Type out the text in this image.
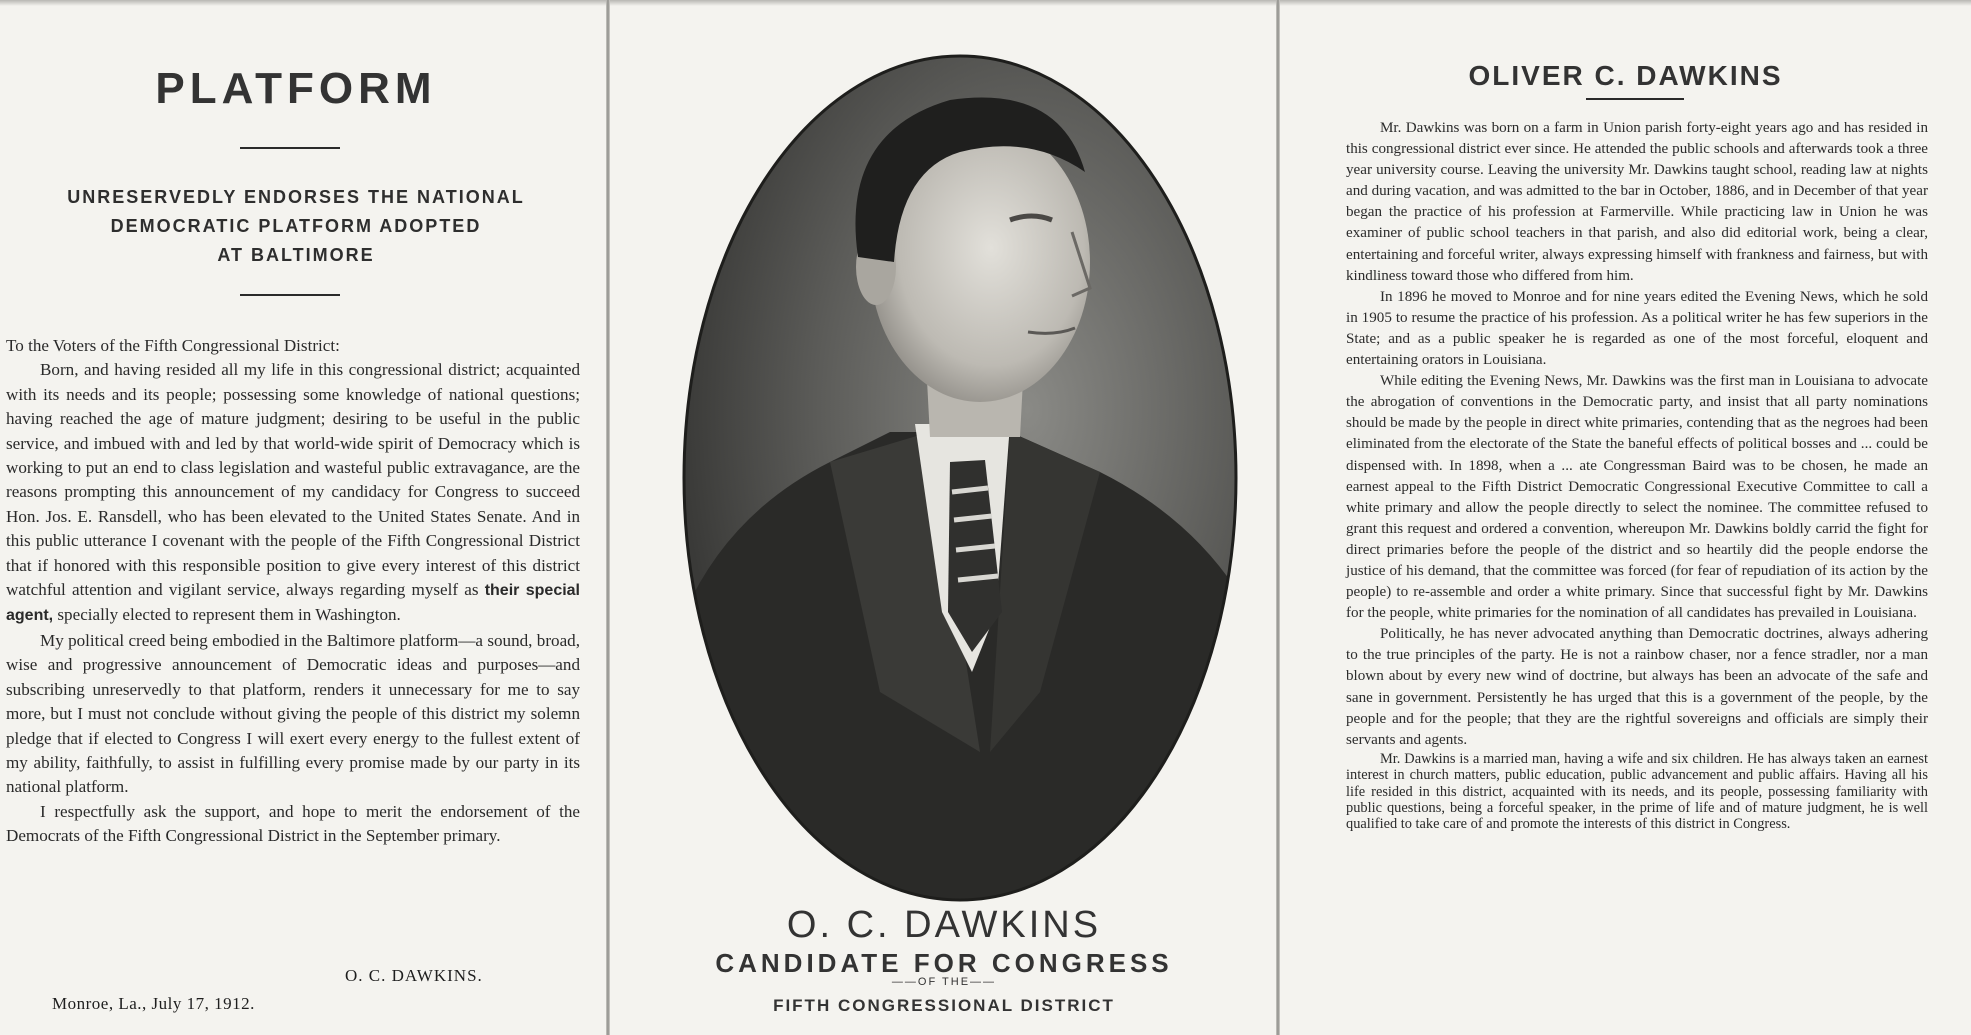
PLATFORM
UNRESERVEDLY ENDORSES THE NATIONAL
DEMOCRATIC PLATFORM ADOPTED
AT BALTIMORE

To the Voters of the Fifth Congressional District:

Born, and having resided all my life in this congressional district; acquainted with its needs and its people; possessing some knowledge of national questions; having reached the age of mature judgment; desiring to be useful in the public service, and imbued with and led by that world-wide spirit of Democracy which is working to put an end to class legislation and wasteful public extravagance, are the reasons prompting this announcement of my candidacy for Congress to succeed Hon. Jos. E. Ransdell, who has been elevated to the United States Senate. And in this public utterance I covenant with the people of the Fifth Congressional District that if honored with this responsible position to give every interest of this district watchful attention and vigilant service, always regarding myself as their special agent, specially elected to represent them in Washington.

My political creed being embodied in the Baltimore platform—a sound, broad, wise and progressive announcement of Democratic ideas and purposes—and subscribing unreservedly to that platform, renders it unnecessary for me to say more, but I must not conclude without giving the people of this district my solemn pledge that if elected to Congress I will exert every energy to the fullest extent of my ability, faithfully, to assist in fulfilling every promise made by our party in its national platform.

I respectfully ask the support, and hope to merit the endorsement of the Democrats of the Fifth Congressional District in the September primary.

O. C. DAWKINS.
Monroe, La., July 17, 1912.
O. C. DAWKINS
CANDIDATE FOR CONGRESS
——OF THE——
FIFTH CONGRESSIONAL DISTRICT
OLIVER C. DAWKINS

Mr. Dawkins was born on a farm in Union parish forty-eight years ago and has resided in this congressional district ever since. He attended the public schools and afterwards took a three year university course. Leaving the university Mr. Dawkins taught school, reading law at nights and during vacation, and was admitted to the bar in October, 1886, and in December of that year began the practice of his profession at Farmerville. While practicing law in Union he was examiner of public school teachers in that parish, and also did editorial work, being a clear, entertaining and forceful writer, always expressing himself with frankness and fairness, but with kindliness toward those who differed from him.

In 1896 he moved to Monroe and for nine years edited the Evening News, which he sold in 1905 to resume the practice of his profession. As a political writer he has few superiors in the State; and as a public speaker he is regarded as one of the most forceful, eloquent and entertaining orators in Louisiana.

While editing the Evening News, Mr. Dawkins was the first man in Louisiana to advocate the abrogation of conventions in the Democratic party, and insist that all party nominations should be made by the people in direct white primaries, contending that as the negroes had been eliminated from the electorate of the State the baneful effects of political bosses and ... could be dispensed with. In 1898, when a ... ate Congressman Baird was to be chosen, he made an earnest appeal to the Fifth District Democratic Congressional Executive Committee to call a white primary and allow the people directly to select the nominee. The committee refused to grant this request and ordered a convention, whereupon Mr. Dawkins boldly carrid the fight for direct primaries before the people of the district and so heartily did the people endorse the justice of his demand, that the committee was forced (for fear of repudiation of its action by the people) to re-assemble and order a white primary. Since that successful fight by Mr. Dawkins for the people, white primaries for the nomination of all candidates has prevailed in Louisiana.

Politically, he has never advocated anything than Democratic doctrines, always adhering to the true principles of the party. He is not a rainbow chaser, nor a fence stradler, nor a man blown about by every new wind of doctrine, but always has been an advocate of the safe and sane in government. Persistently he has urged that this is a government of the people, by the people and for the people; that they are the rightful sovereigns and officials are simply their servants and agents.

Mr. Dawkins is a married man, having a wife and six children. He has always taken an earnest interest in church matters, public education, public advancement and public affairs. Having all his life resided in this district, acquainted with its needs, and its people, possessing familiarity with public questions, being a forceful speaker, in the prime of life and of mature judgment, he is well qualified to take care of and promote the interests of this district in Congress.
